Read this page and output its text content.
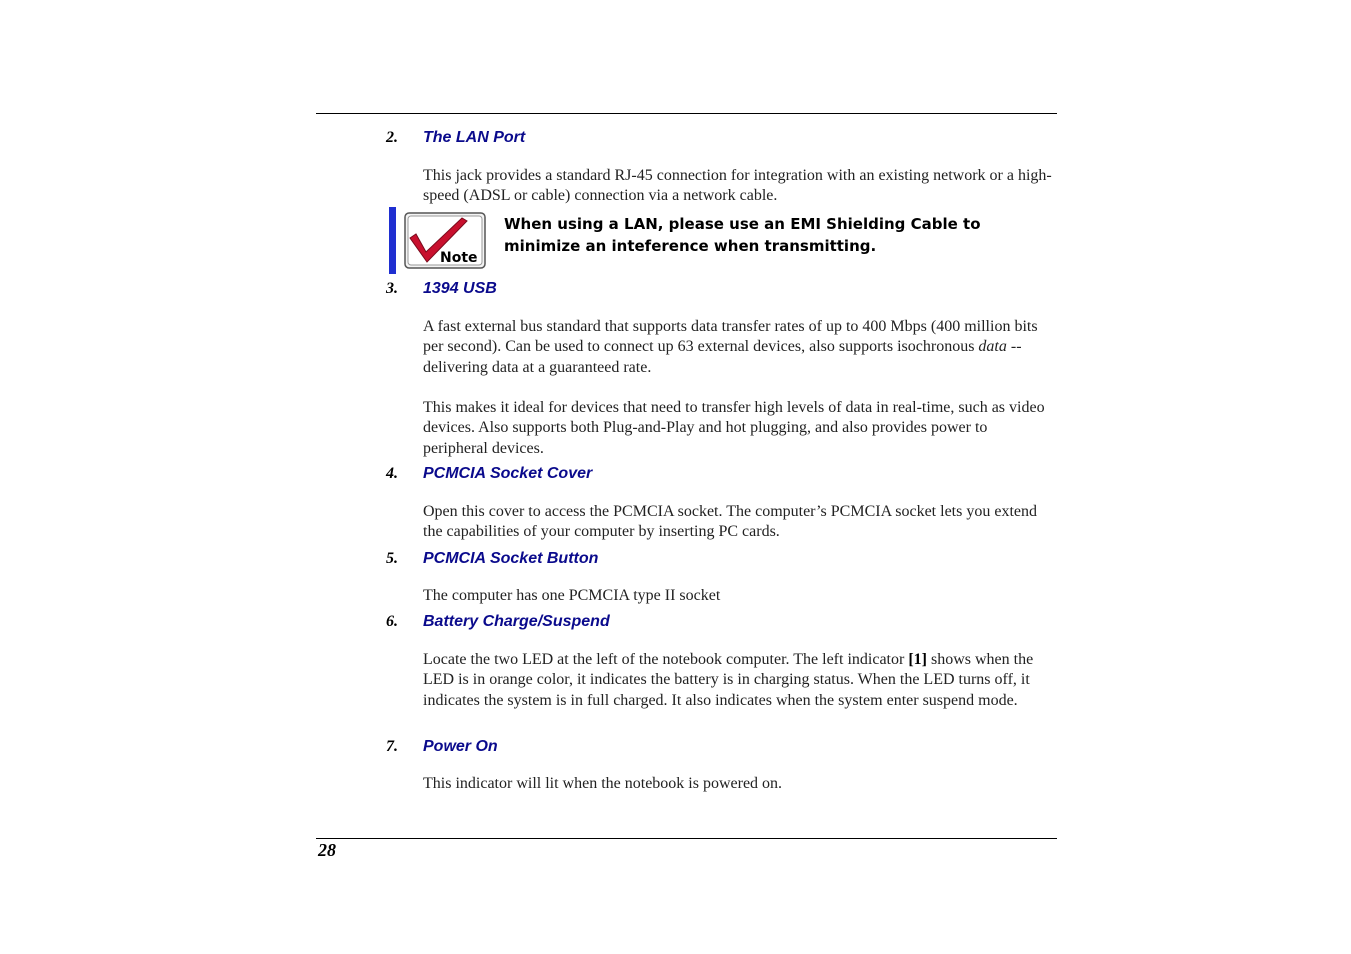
2. The LAN Port
This jack provides a standard RJ-45 connection for integration with an existing network or a high-speed (ADSL or cable) connection via a network cable.
Note
When using a LAN, please use an EMI Shielding Cable to minimize an inteference when transmitting.
3. 1394 USB
A fast external bus standard that supports data transfer rates of up to 400 Mbps (400 million bits per second). Can be used to connect up 63 external devices, also supports isochronous data -- delivering data at a guaranteed rate.
This makes it ideal for devices that need to transfer high levels of data in real-time, such as video devices. Also supports both Plug-and-Play and hot plugging, and also provides power to peripheral devices.
4. PCMCIA Socket Cover
Open this cover to access the PCMCIA socket. The computer’s PCMCIA socket lets you extend the capabilities of your computer by inserting PC cards.
5. PCMCIA Socket Button
The computer has one PCMCIA type II socket
6. Battery Charge/Suspend
Locate the two LED at the left of the notebook computer. The left indicator [1] shows when the LED is in orange color, it indicates the battery is in charging status. When the LED turns off, it indicates the system is in full charged. It also indicates when the system enter suspend mode.
7. Power On
This indicator will lit when the notebook is powered on.
28
